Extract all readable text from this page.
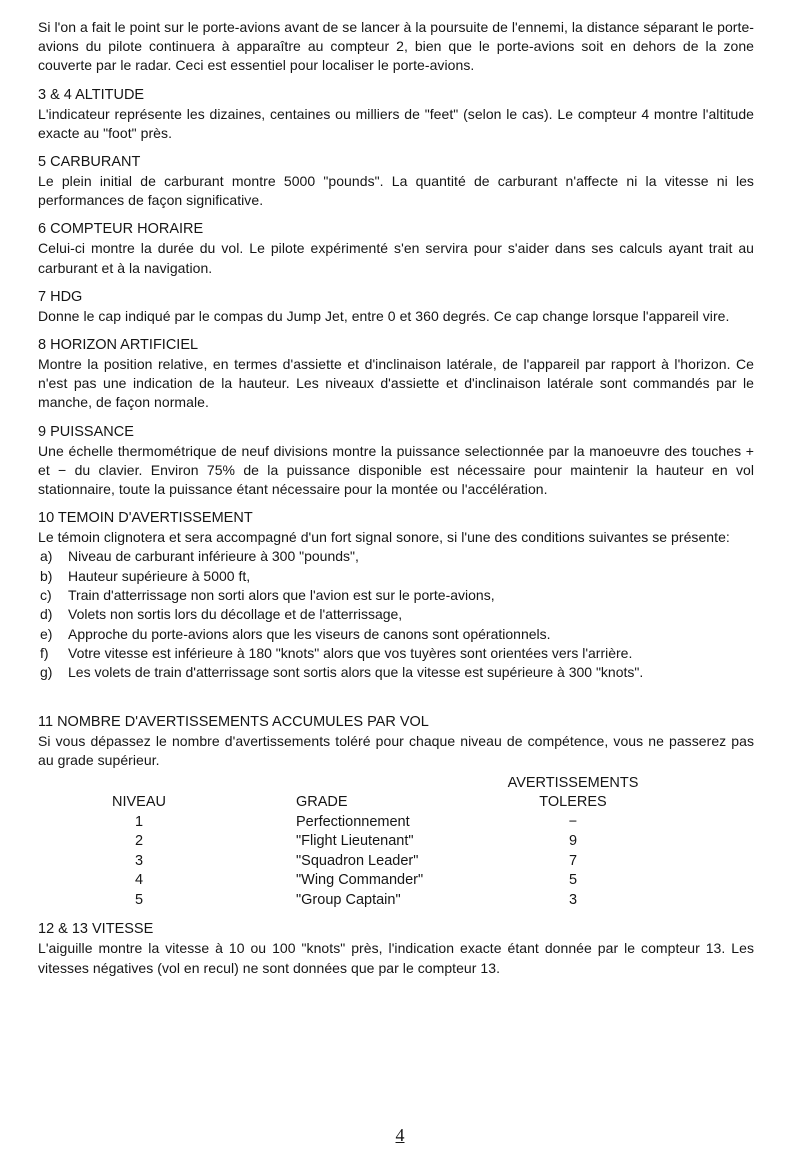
Si l'on a fait le point sur le porte-avions avant de se lancer à la poursuite de l'ennemi, la distance séparant le porte-avions du pilote continuera à apparaître au compteur 2, bien que le porte-avions soit en dehors de la zone couverte par le radar. Ceci est essentiel pour localiser le porte-avions.

3 & 4 ALTITUDE

L'indicateur représente les dizaines, centaines ou milliers de "feet" (selon le cas). Le compteur 4 montre l'altitude exacte au "foot" près.

5 CARBURANT

Le plein initial de carburant montre 5000 "pounds". La quantité de carburant n'affecte ni la vitesse ni les performances de façon significative.

6 COMPTEUR HORAIRE

Celui-ci montre la durée du vol. Le pilote expérimenté s'en servira pour s'aider dans ses calculs ayant trait au carburant et à la navigation.

7 HDG

Donne le cap indiqué par le compas du Jump Jet, entre 0 et 360 degrés. Ce cap change lorsque l'appareil vire.

8 HORIZON ARTIFICIEL

Montre la position relative, en termes d'assiette et d'inclinaison latérale, de l'appareil par rapport à l'horizon. Ce n'est pas une indication de la hauteur. Les niveaux d'assiette et d'inclinaison latérale sont commandés par le manche, de façon normale.

9 PUISSANCE

Une échelle thermométrique de neuf divisions montre la puissance selectionnée par la manoeuvre des touches + et − du clavier. Environ 75% de la puissance disponible est nécessaire pour maintenir la hauteur en vol stationnaire, toute la puissance étant nécessaire pour la montée ou l'accélération.

10 TEMOIN D'AVERTISSEMENT

Le témoin clignotera et sera accompagné d'un fort signal sonore, si l'une des conditions suivantes se présente:

a) Niveau de carburant inférieure à 300 "pounds",
b) Hauteur supérieure à 5000 ft,
c) Train d'atterrissage non sorti alors que l'avion est sur le porte-avions,
d) Volets non sortis lors du décollage et de l'atterrissage,
e) Approche du porte-avions alors que les viseurs de canons sont opérationnels.
f) Votre vitesse est inférieure à 180 "knots" alors que vos tuyères sont orientées vers l'arrière.
g) Les volets de train d'atterrissage sont sortis alors que la vitesse est supérieure à 300 "knots".

11 NOMBRE D'AVERTISSEMENTS ACCUMULES PAR VOL

Si vous dépassez le nombre d'avertissements toléré pour chaque niveau de compétence, vous ne passerez pas au grade supérieur.

NIVEAU	GRADE	AVERTISSEMENTS
TOLERES

1	Perfectionnement	−
2	"Flight Lieutenant"	9
3	"Squadron Leader"	7
4	"Wing Commander"	5
5	"Group Captain"	3

12 & 13 VITESSE

L'aiguille montre la vitesse à 10 ou 100 "knots" près, l'indication exacte étant donnée par le compteur 13. Les vitesses négatives (vol en recul) ne sont données que par le compteur 13.

4
